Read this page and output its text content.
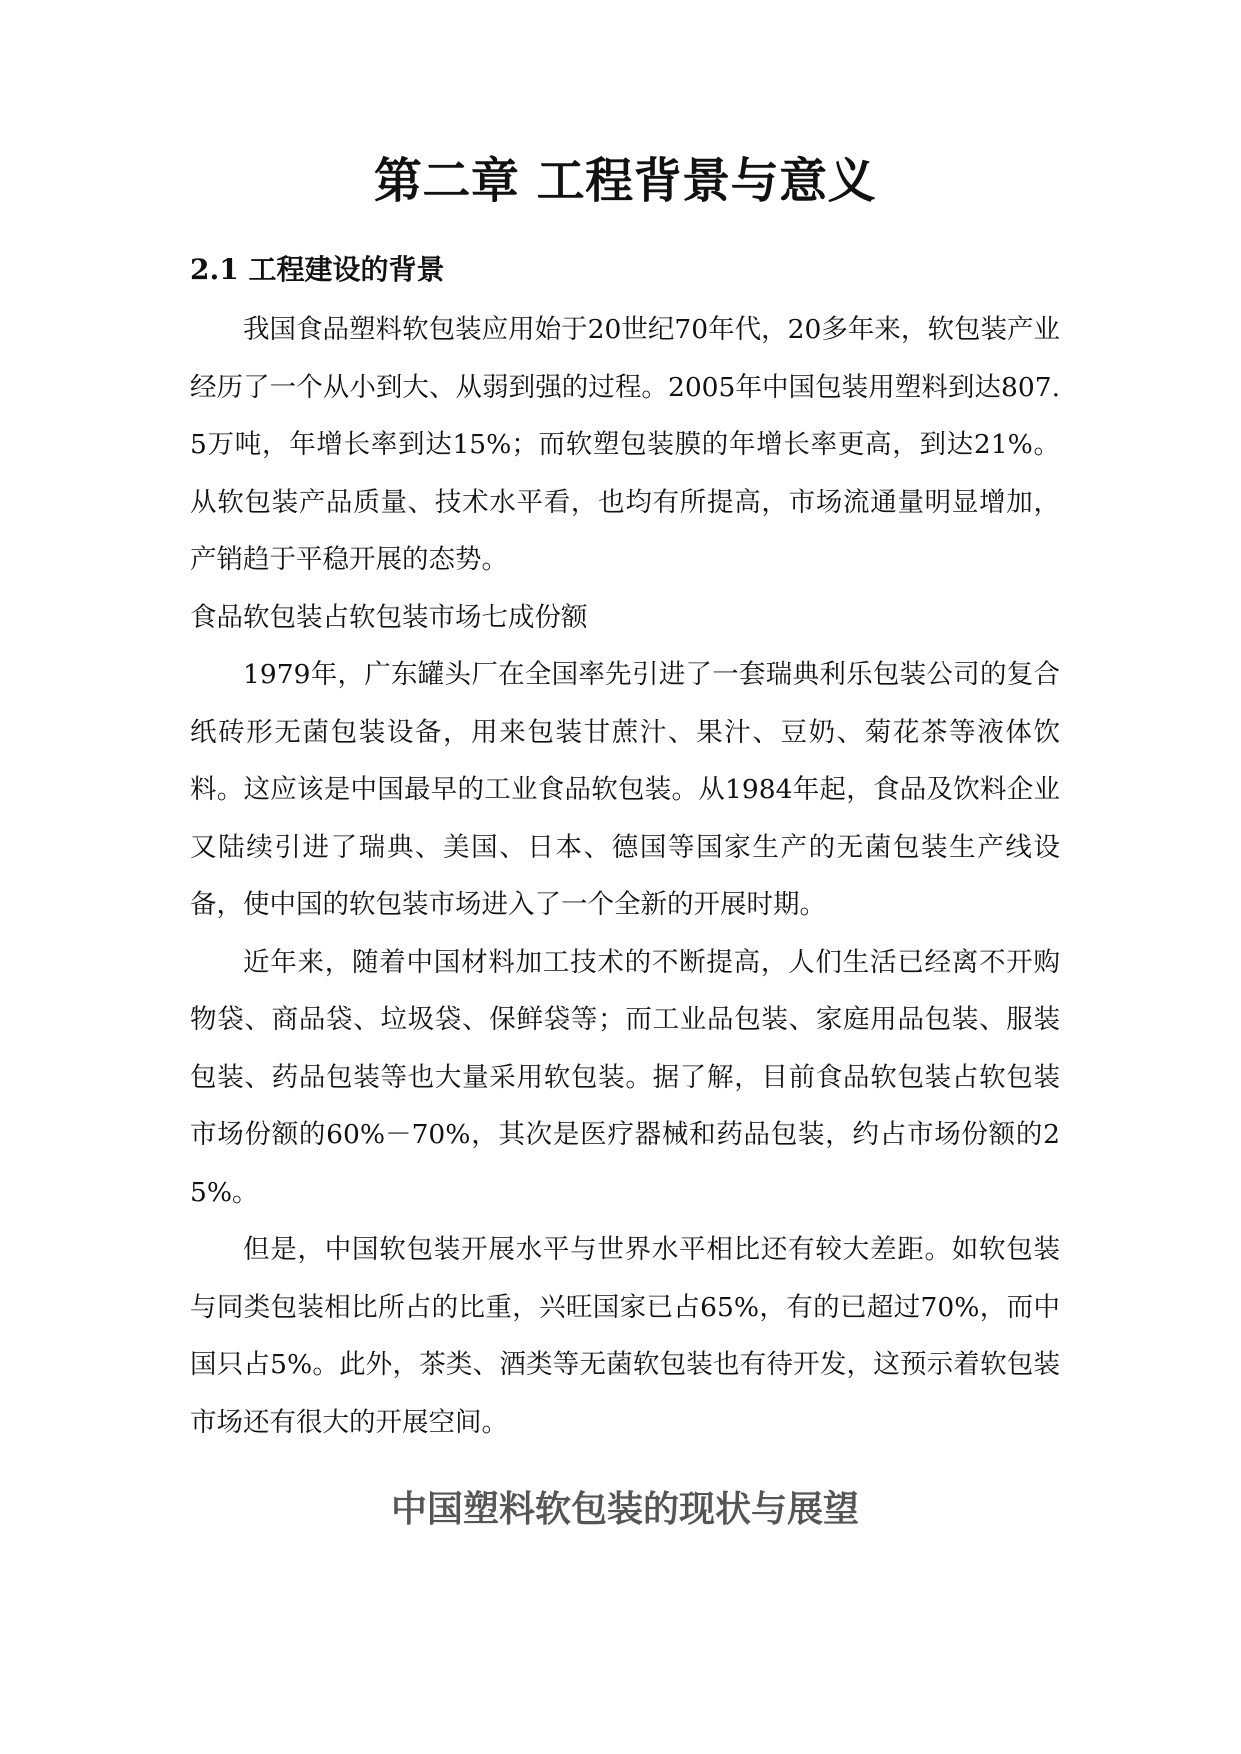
第二章 工程背景与意义
2.1 工程建设的背景

我国食品塑料软包装应用始于20世纪70年代，20多年来，软包装产业经历了一个从小到大、从弱到强的过程。2005年中国包装用塑料到达807.5万吨，年增长率到达15%；而软塑包装膜的年增长率更高，到达21%。从软包装产品质量、技术水平看，也均有所提高，市场流通量明显增加，产销趋于平稳开展的态势。

食品软包装占软包装市场七成份额

1979年，广东罐头厂在全国率先引进了一套瑞典利乐包装公司的复合纸砖形无菌包装设备，用来包装甘蔗汁、果汁、豆奶、菊花茶等液体饮料。这应该是中国最早的工业食品软包装。从1984年起，食品及饮料企业又陆续引进了瑞典、美国、日本、德国等国家生产的无菌包装生产线设备，使中国的软包装市场进入了一个全新的开展时期。

近年来，随着中国材料加工技术的不断提高，人们生活已经离不开购物袋、商品袋、垃圾袋、保鲜袋等；而工业品包装、家庭用品包装、服装包装、药品包装等也大量采用软包装。据了解，目前食品软包装占软包装市场份额的60%－70%，其次是医疗器械和药品包装，约占市场份额的25%。

但是，中国软包装开展水平与世界水平相比还有较大差距。如软包装与同类包装相比所占的比重，兴旺国家已占65%，有的已超过70%，而中国只占5%。此外，茶类、酒类等无菌软包装也有待开发，这预示着软包装市场还有很大的开展空间。

中国塑料软包装的现状与展望
